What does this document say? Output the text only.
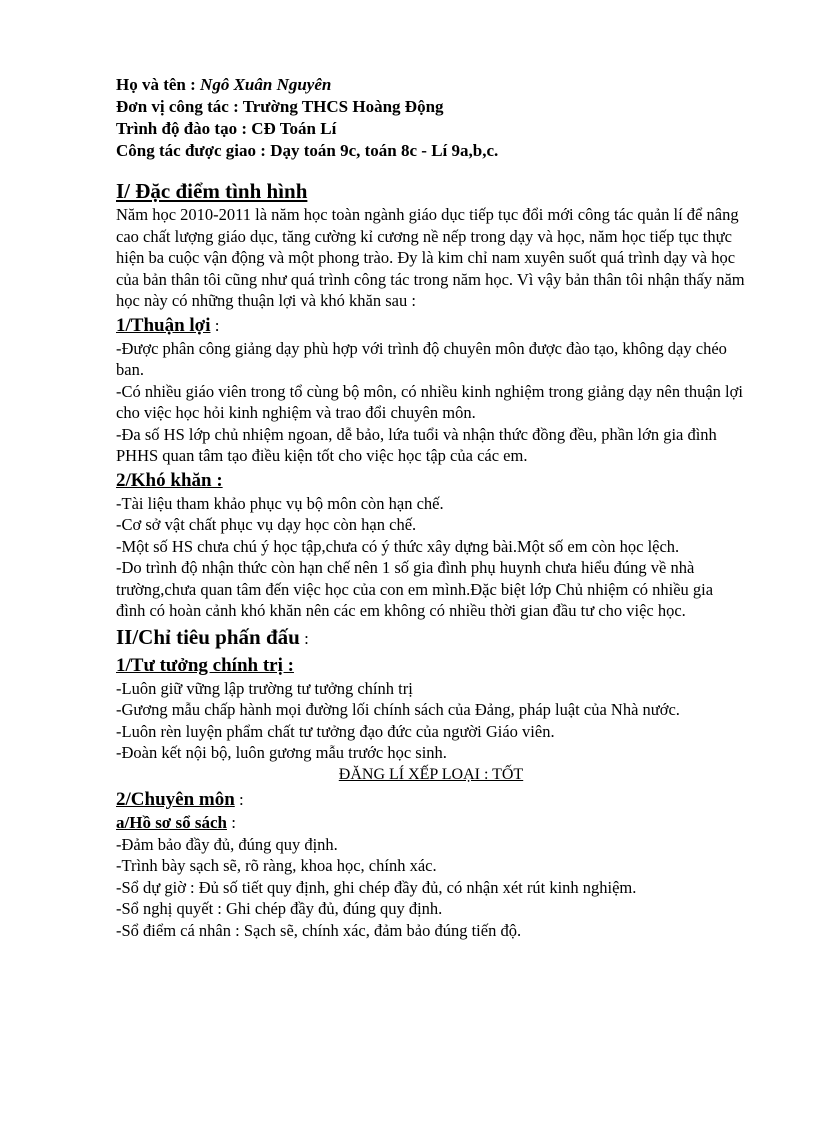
Họ và tên : Ngô Xuân Nguyên
Đơn vị công tác : Trường THCS Hoàng Động
Trình độ đào tạo : CĐ Toán Lí
Công tác được giao : Dạy toán 9c, toán 8c - Lí 9a,b,c.
I/ Đặc điểm tình hình
Năm học 2010-2011 là năm học toàn ngành giáo dục tiếp tục đổi mới công tác quản lí để nâng cao chất lượng giáo dục, tăng cường kỉ cương nề nếp trong dạy và học, năm học tiếp tục thực hiện ba cuộc vận động và một phong trào. Đy là kim chỉ nam xuyên suốt quá trình dạy và học của bản thân tôi cũng như quá trình công tác trong năm học. Vì vậy bản thân tôi nhận thấy năm học này có những thuận lợi và khó khăn sau :
1/Thuận lợi :
-Được phân công giảng dạy phù hợp với trình độ chuyên môn được đào tạo, không dạy chéo ban.
-Có nhiều giáo viên trong tổ cùng bộ môn, có nhiều kinh nghiệm trong giảng dạy nên thuận lợi cho việc học hỏi kinh nghiệm và trao đổi chuyên môn.
-Đa số HS lớp chủ nhiệm ngoan, dễ bảo, lứa tuổi và nhận thức đồng đều, phần lớn gia đình PHHS quan tâm tạo điều kiện tốt cho việc học tập của các em.
2/Khó khăn :
-Tài liệu tham khảo phục vụ bộ môn còn hạn chế.
-Cơ sở vật chất phục vụ dạy học còn hạn chế.
-Một số HS chưa chú ý học tập,chưa có ý thức xây dựng bài.Một số em còn học lệch.
-Do trình độ nhận thức còn hạn chế nên 1 số gia đình phụ huynh chưa hiểu đúng về nhà trường,chưa quan tâm đến việc học của con em mình.Đặc biệt lớp Chủ nhiệm có nhiều gia đình có hoàn cảnh khó khăn nên các em không có nhiều thời gian đầu tư cho việc học.
II/Chỉ tiêu phấn đấu :
1/Tư tưởng chính trị :
-Luôn giữ vững lập trường tư tưởng chính trị
-Gương mẫu chấp hành mọi đường lối chính sách của Đảng, pháp luật của Nhà nước.
-Luôn rèn luyện phẩm chất tư tưởng đạo đức của người Giáo viên.
-Đoàn kết nội bộ, luôn gương mẫu trước học sinh.
ĐĂNG LÍ XẾP LOẠI : TỐT
2/Chuyên môn :
a/Hồ sơ sổ sách :
-Đảm bảo đầy đủ, đúng quy định.
-Trình bày sạch sẽ, rõ ràng, khoa học, chính xác.
-Sổ dự giờ : Đủ số tiết quy định, ghi chép đầy đủ, có nhận xét rút kinh nghiệm.
-Sổ nghị quyết : Ghi chép đầy đủ, đúng quy định.
-Sổ điểm cá nhân : Sạch sẽ, chính xác, đảm bảo đúng tiến độ.
